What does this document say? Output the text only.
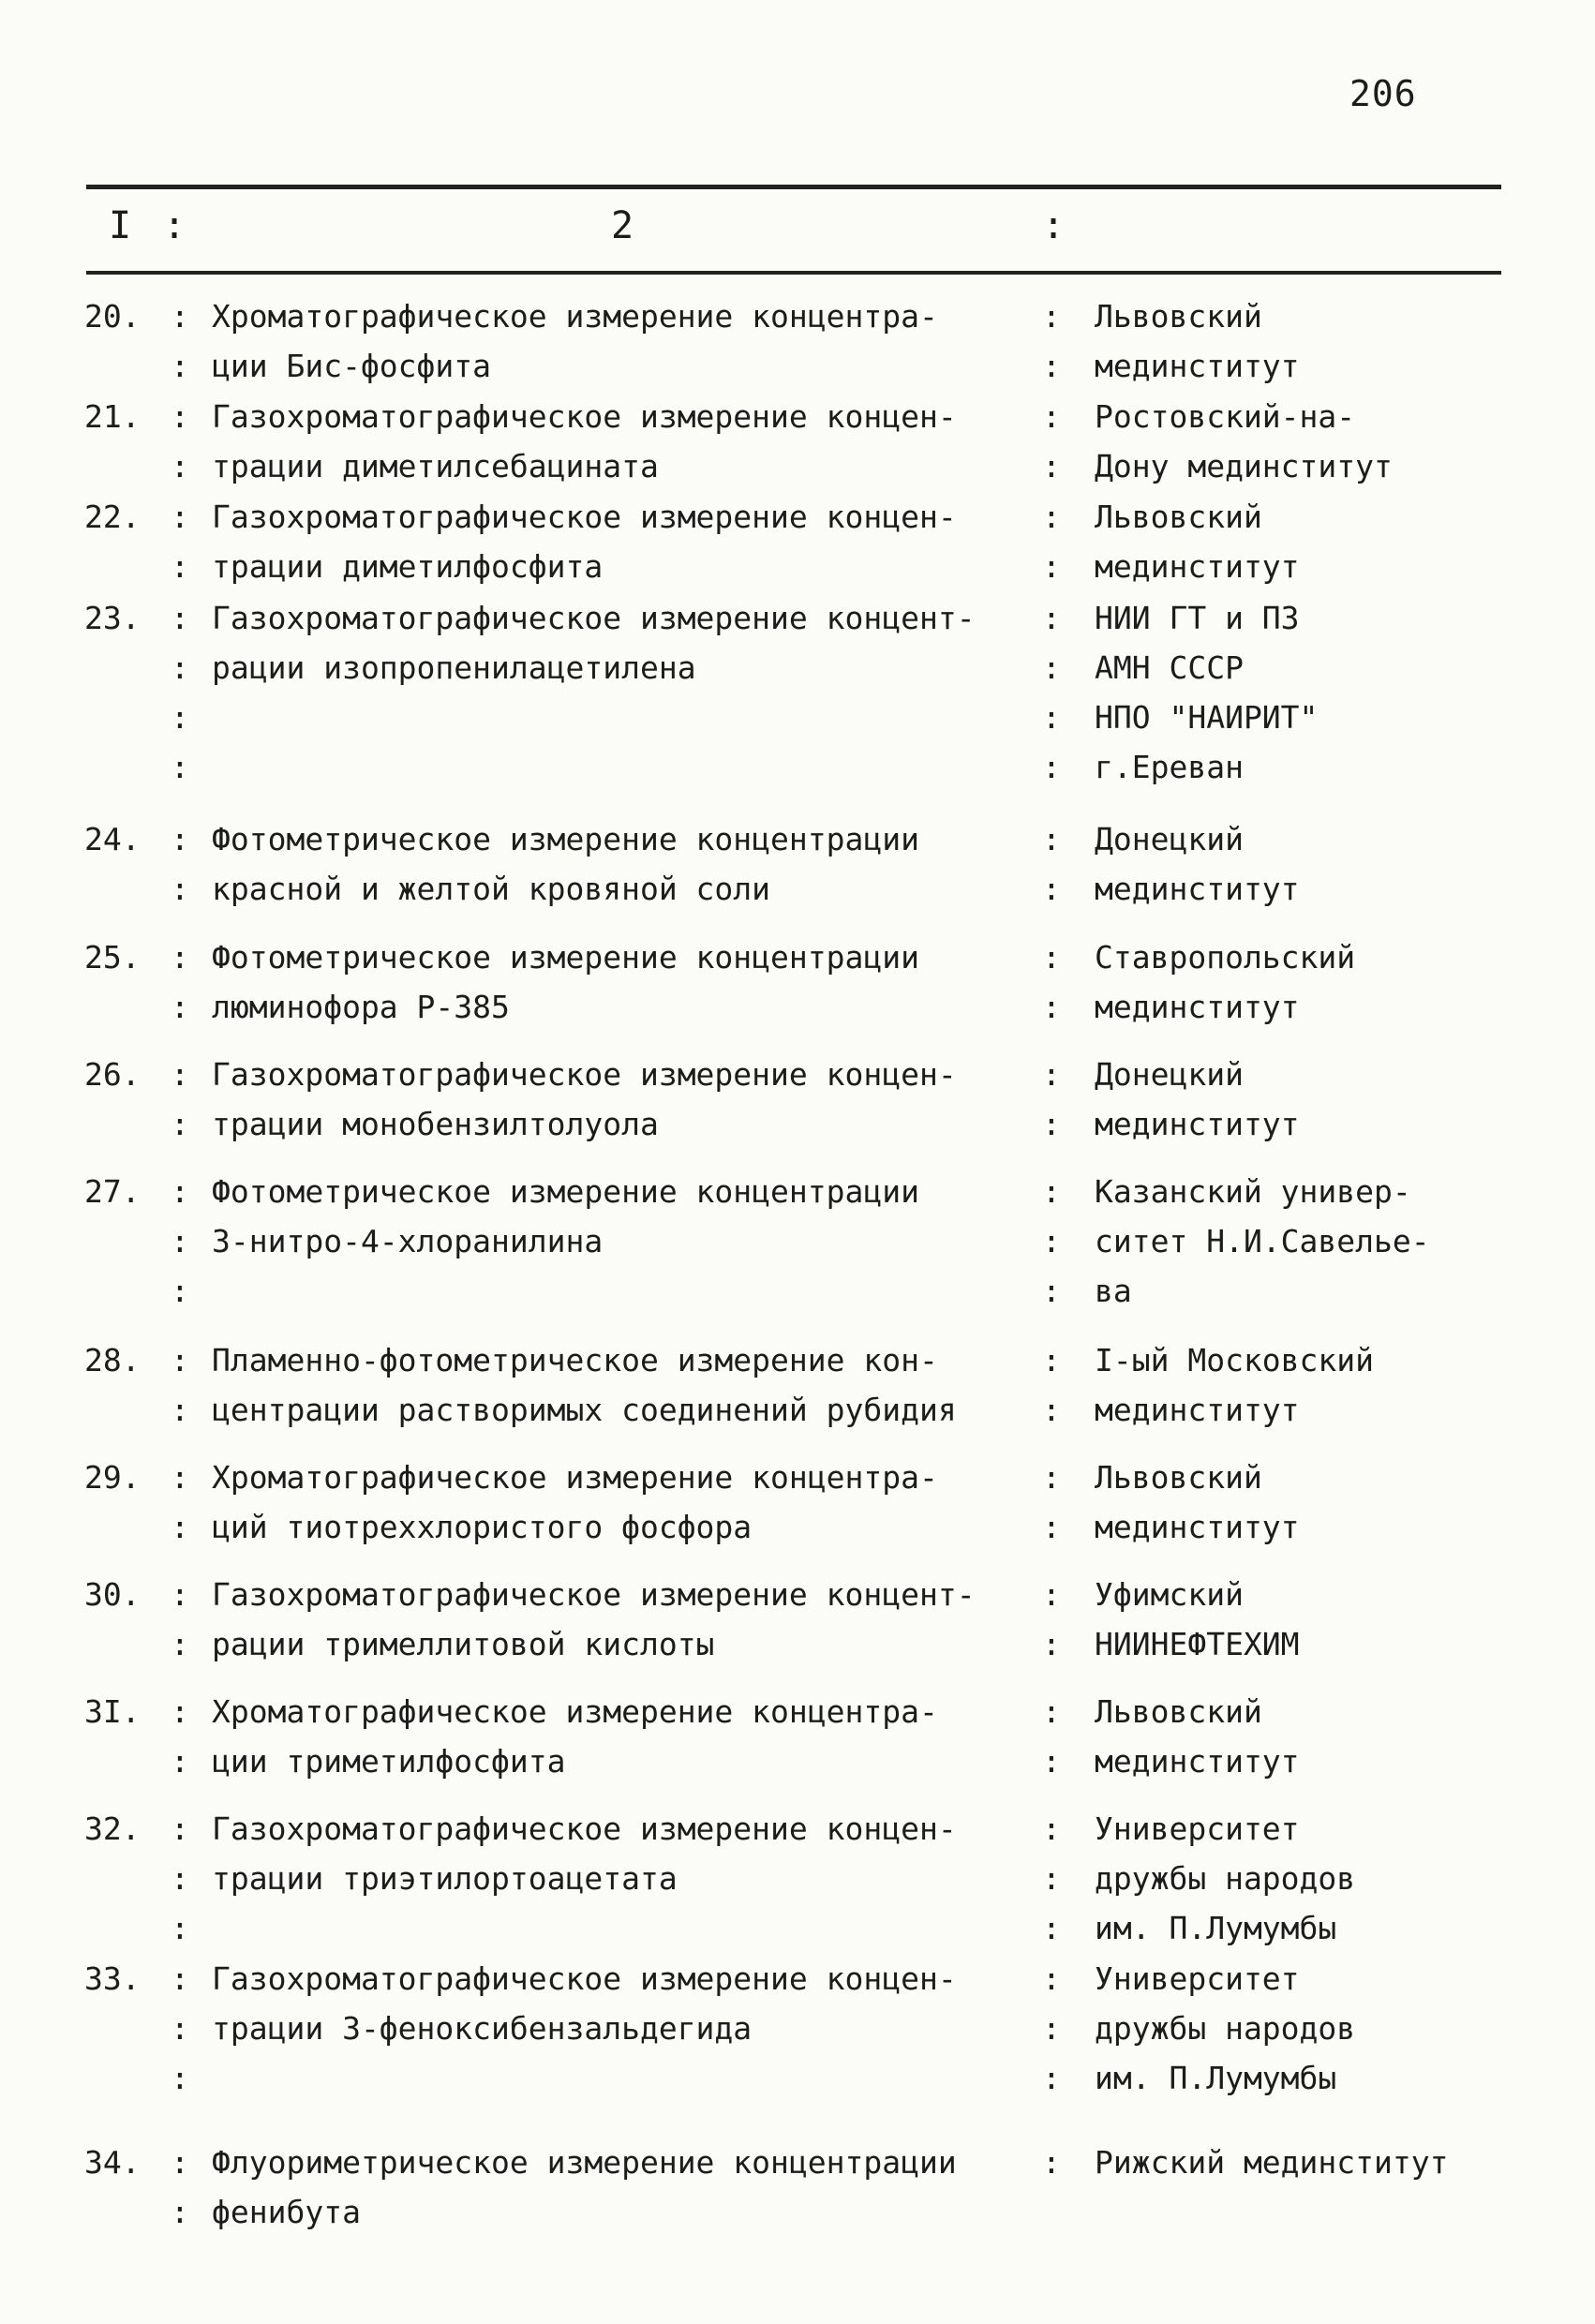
206
I :	2	:
20. : Хроматографическое измерение концентра-	: Львовский
: ции Бис-фосфита	: мединститут
21. : Газохроматографическое измерение концен-	: Ростовский-на-
: трации диметилсебацината	: Дону мединститут
22. : Газохроматографическое измерение концен-	: Львовский
: трации диметилфосфита	: мединститут
23. : Газохроматографическое измерение концент- : НИИ ГТ и ПЗ
: рации изопропенилацетилена	: АМН СССР
:	: НПО "НАИРИТ"
:	: г.Ереван
24. : Фотометрическое измерение концентрации	: Донецкий
: красной и желтой кровяной соли	: мединститут
25. : Фотометрическое измерение концентрации	: Ставропольский
: люминофора Р-385	: мединститут
26. : Газохроматографическое измерение концен-	: Донецкий
: трации монобензилтолуола	: мединститут
27. : Фотометрическое измерение концентрации	: Казанский универ-
: 3-нитро-4-хлоранилина	: ситет Н.И.Савелье-
:	: ва
28. : Пламенно-фотометрическое измерение кон-	: I-ый Московский
: центрации растворимых соединений рубидия	: мединститут
29. : Хроматографическое измерение концентра-	: Львовский
: ций тиотреххлористого фосфора	: мединститут
30. : Газохроматографическое измерение концент- : Уфимский
: рации тримеллитовой кислоты	: НИИНЕФТЕХИМ
3I. : Хроматографическое измерение концентра-	: Львовский
: ции триметилфосфита	: мединститут
32. : Газохроматографическое измерение концен-	: Университет
: трации триэтилортоацетата	: дружбы народов
:	: им. П.Лумумбы
33. : Газохроматографическое измерение концен-	: Университет
: трации 3-феноксибензальдегида	: дружбы народов
:	: им. П.Лумумбы
34. : Флуориметрическое измерение концентрации	: Рижский мединститут
: фенибута
